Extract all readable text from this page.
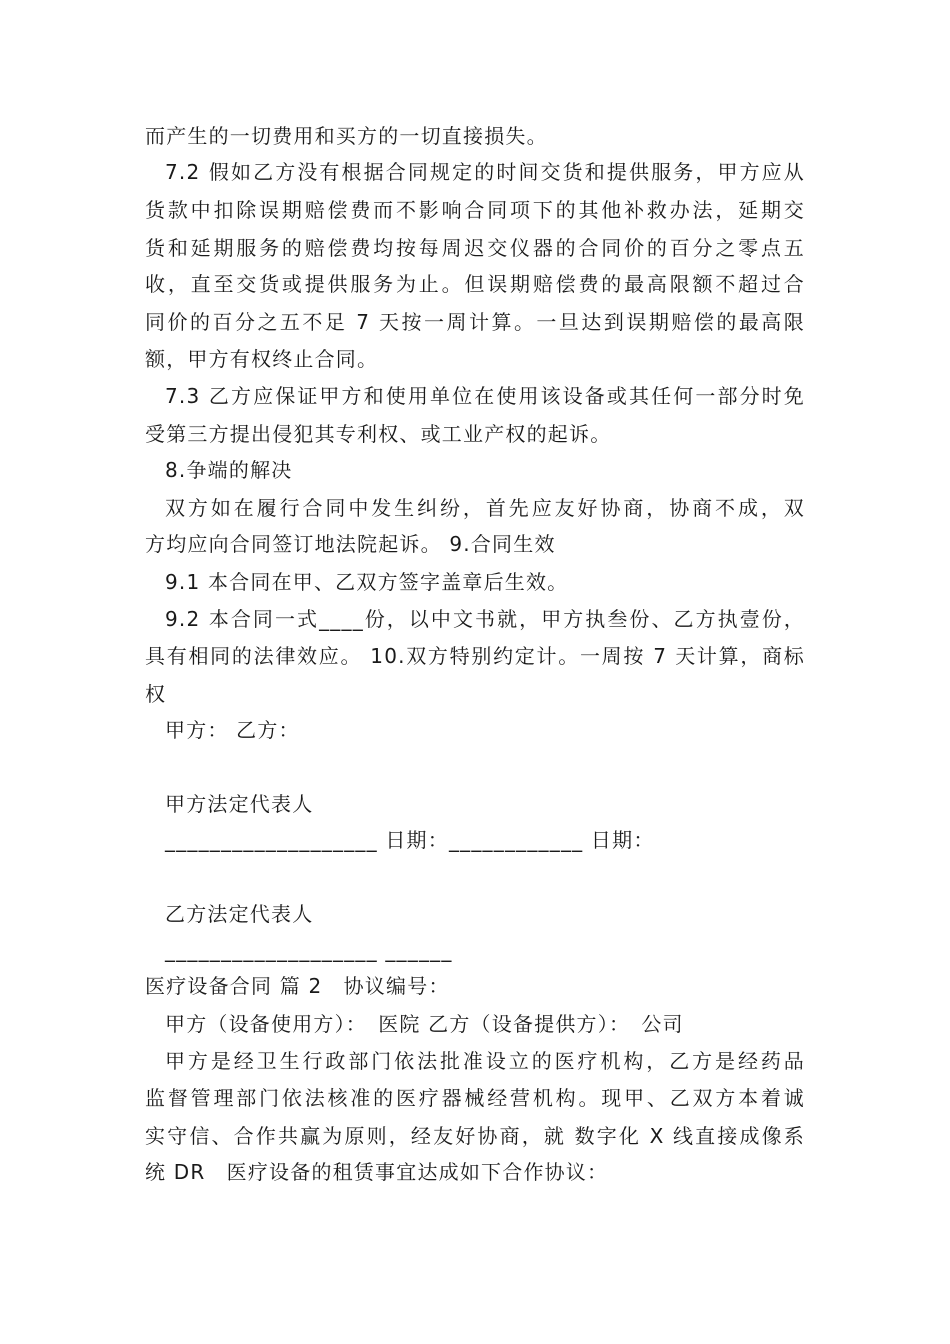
而产生的一切费用和买方的一切直接损失。
7.2 假如乙方没有根据合同规定的时间交货和提供服务，甲方应从
货款中扣除误期赔偿费而不影响合同项下的其他补救办法，延期交
货和延期服务的赔偿费均按每周迟交仪器的合同价的百分之零点五
收，直至交货或提供服务为止。但误期赔偿费的最高限额不超过合
同价的百分之五不足 7 天按一周计算。一旦达到误期赔偿的最高限
额，甲方有权终止合同。
7.3 乙方应保证甲方和使用单位在使用该设备或其任何一部分时免
受第三方提出侵犯其专利权、或工业产权的起诉。
8.争端的解决
双方如在履行合同中发生纠纷，首先应友好协商，协商不成，双
方均应向合同签订地法院起诉。 9.合同生效
9.1 本合同在甲、乙双方签字盖章后生效。
9.2 本合同一式____份，以中文书就，甲方执叁份、乙方执壹份，
具有相同的法律效应。 10.双方特别约定计。一周按 7 天计算，商标
权
甲方： 乙方：
甲方法定代表人
___________________ 日期：____________ 日期：
乙方法定代表人
___________________ ______
医疗设备合同 篇 2　协议编号：
甲方（设备使用方）：　医院 乙方（设备提供方）：　公司
甲方是经卫生行政部门依法批准设立的医疗机构，乙方是经药品
监督管理部门依法核准的医疗器械经营机构。现甲、乙双方本着诚
实守信、合作共赢为原则，经友好协商，就 数字化 X 线直接成像系
统 DR　医疗设备的租赁事宜达成如下合作协议：
